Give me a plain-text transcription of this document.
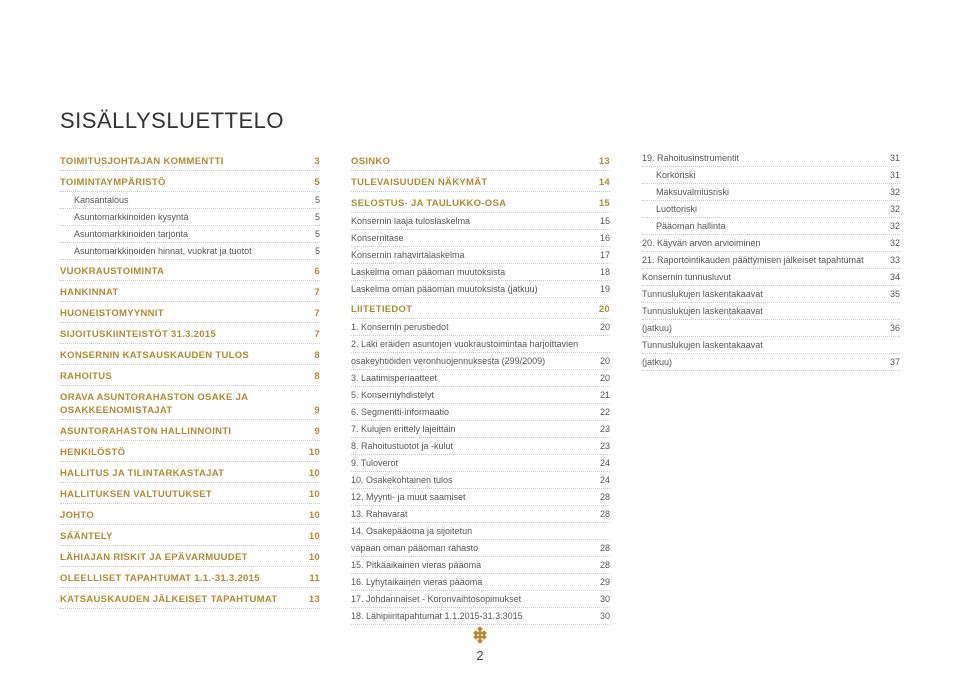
SISÄLLYSLUETTELO
TOIMITUSJOHTAJAN KOMMENTTI	3
TOIMINTAYMPÄRISTÖ	5
Kansantalous	5
Asuntomarkkinoiden kysyntä	5
Asuntomarkkinoiden tarjonta	5
Asuntomarkkinoiden hinnat, vuokrat ja tuotot	5
VUOKRAUSTOIMINTA	6
HANKINNAT	7
HUONEISTOMYYNNIT	7
SIJOITUSKIINTEISTÖT 31.3.2015	7
KONSERNIN KATSAUSKAUDEN TULOS	8
RAHOITUS	8
ORAVA ASUNTORAHASTON OSAKE JA OSAKKEENOMISTAJAT	9
ASUNTORAHASTON HALLINNOINTI	9
HENKILÖSTÖ	10
HALLITUS JA TILINTARKASTAJAT	10
HALLITUKSEN VALTUUTUKSET	10
JOHTO	10
SÄÄNTELY	10
LÄHIAJAN RISKIT JA EPÄVARMUUDET	10
OLEELLISET TAPAHTUMAT 1.1.-31.3.2015	11
KATSAUSKAUDEN JÄLKEISET TAPAHTUMAT	13
OSINKO	13
TULEVAISUUDEN NÄKYMÄT	14
SELOSTUS- JA TAULUKKO-OSA	15
Konsernin laaja tuloslaskelma	15
Konsernitase	16
Konsernin rahavirtalaskelma	17
Laskelma oman pääoman muutoksista	18
Laskelma oman pääoman muutoksista (jatkuu)	19
LIITETIEDOT	20
1. Konsernin perustiedot	20
2. Laki eräiden asuntojen vuokraustoimintaa harjoittavien
osakeyhtiöiden veronhuojennuksesta (299/2009)	20
3. Laatimisperiaatteet	20
5. Konserniyhdistelyt	21
6. Segmentti-informaatio	22
7. Kulujen erittely lajeittain	23
8. Rahoitustuotot ja -kulut	23
9. Tuloverot	24
10. Osakekohtainen tulos	24
12. Myynti- ja muut saamiset	28
13. Rahavarat	28
14. Osakepääoma ja sijoitetun
vapaan oman pääoman rahasto	28
15. Pitkäaikainen vieras pääoma	28
16. Lyhytaikainen vieras pääoma	29
17. Johdannaiset - Koronvaihtosopimukset	30
18. Lähipiiritapahtumat 1.1.2015-31.3.3015	30
19. Rahoitusinstrumentit	31
Korkoriski	31
Maksuvalmiusriski	32
Luottoriski	32
Pääoman hallinta	32
20. Käyvän arvon arvioiminen	32
21. Raportointikauden päättymisen jälkeiset tapahtumat	33
Konsernin tunnusluvut	34
Tunnuslukujen laskentakaavat	35
Tunnuslukujen laskentakaavat
(jatkuu)	36
Tunnuslukujen laskentakaavat
(jatkuu)	37
2
